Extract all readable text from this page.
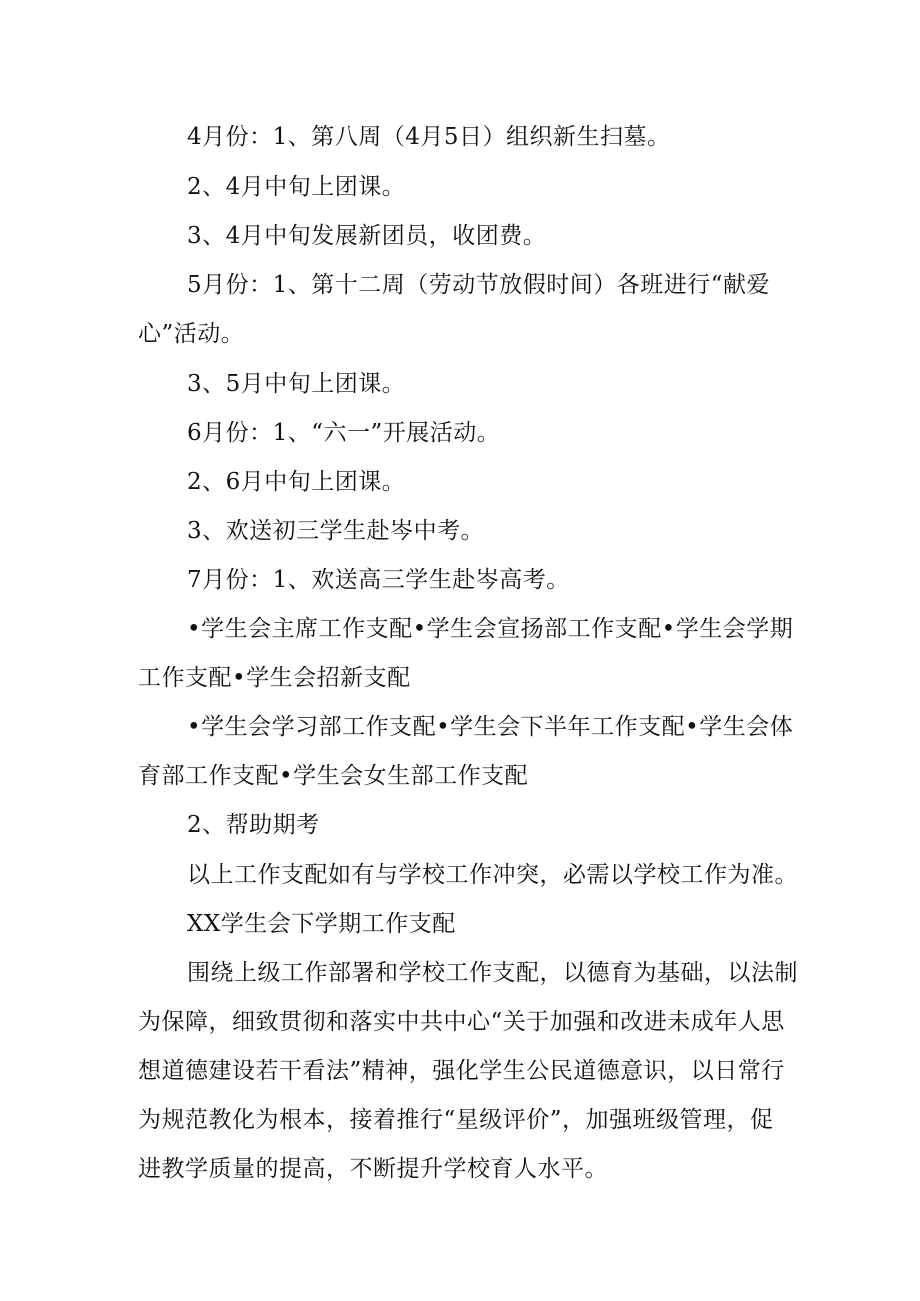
4月份：1、第八周（4月5日）组织新生扫墓。
2、4月中旬上团课。
3、4月中旬发展新团员，收团费。
5月份：1、第十二周（劳动节放假时间）各班进行“献爱
心”活动。
3、5月中旬上团课。
6月份：1、“六一”开展活动。
2、6月中旬上团课。
3、欢送初三学生赴岑中考。
7月份：1、欢送高三学生赴岑高考。
•学生会主席工作支配•学生会宣扬部工作支配•学生会学期
工作支配•学生会招新支配
•学生会学习部工作支配•学生会下半年工作支配•学生会体
育部工作支配•学生会女生部工作支配
2、帮助期考
以上工作支配如有与学校工作冲突，必需以学校工作为准。
XX学生会下学期工作支配
围绕上级工作部署和学校工作支配，以德育为基础，以法制
为保障，细致贯彻和落实中共中心“关于加强和改进未成年人思
想道德建设若干看法”精神，强化学生公民道德意识，以日常行
为规范教化为根本，接着推行“星级评价”，加强班级管理，促
进教学质量的提高，不断提升学校育人水平。
